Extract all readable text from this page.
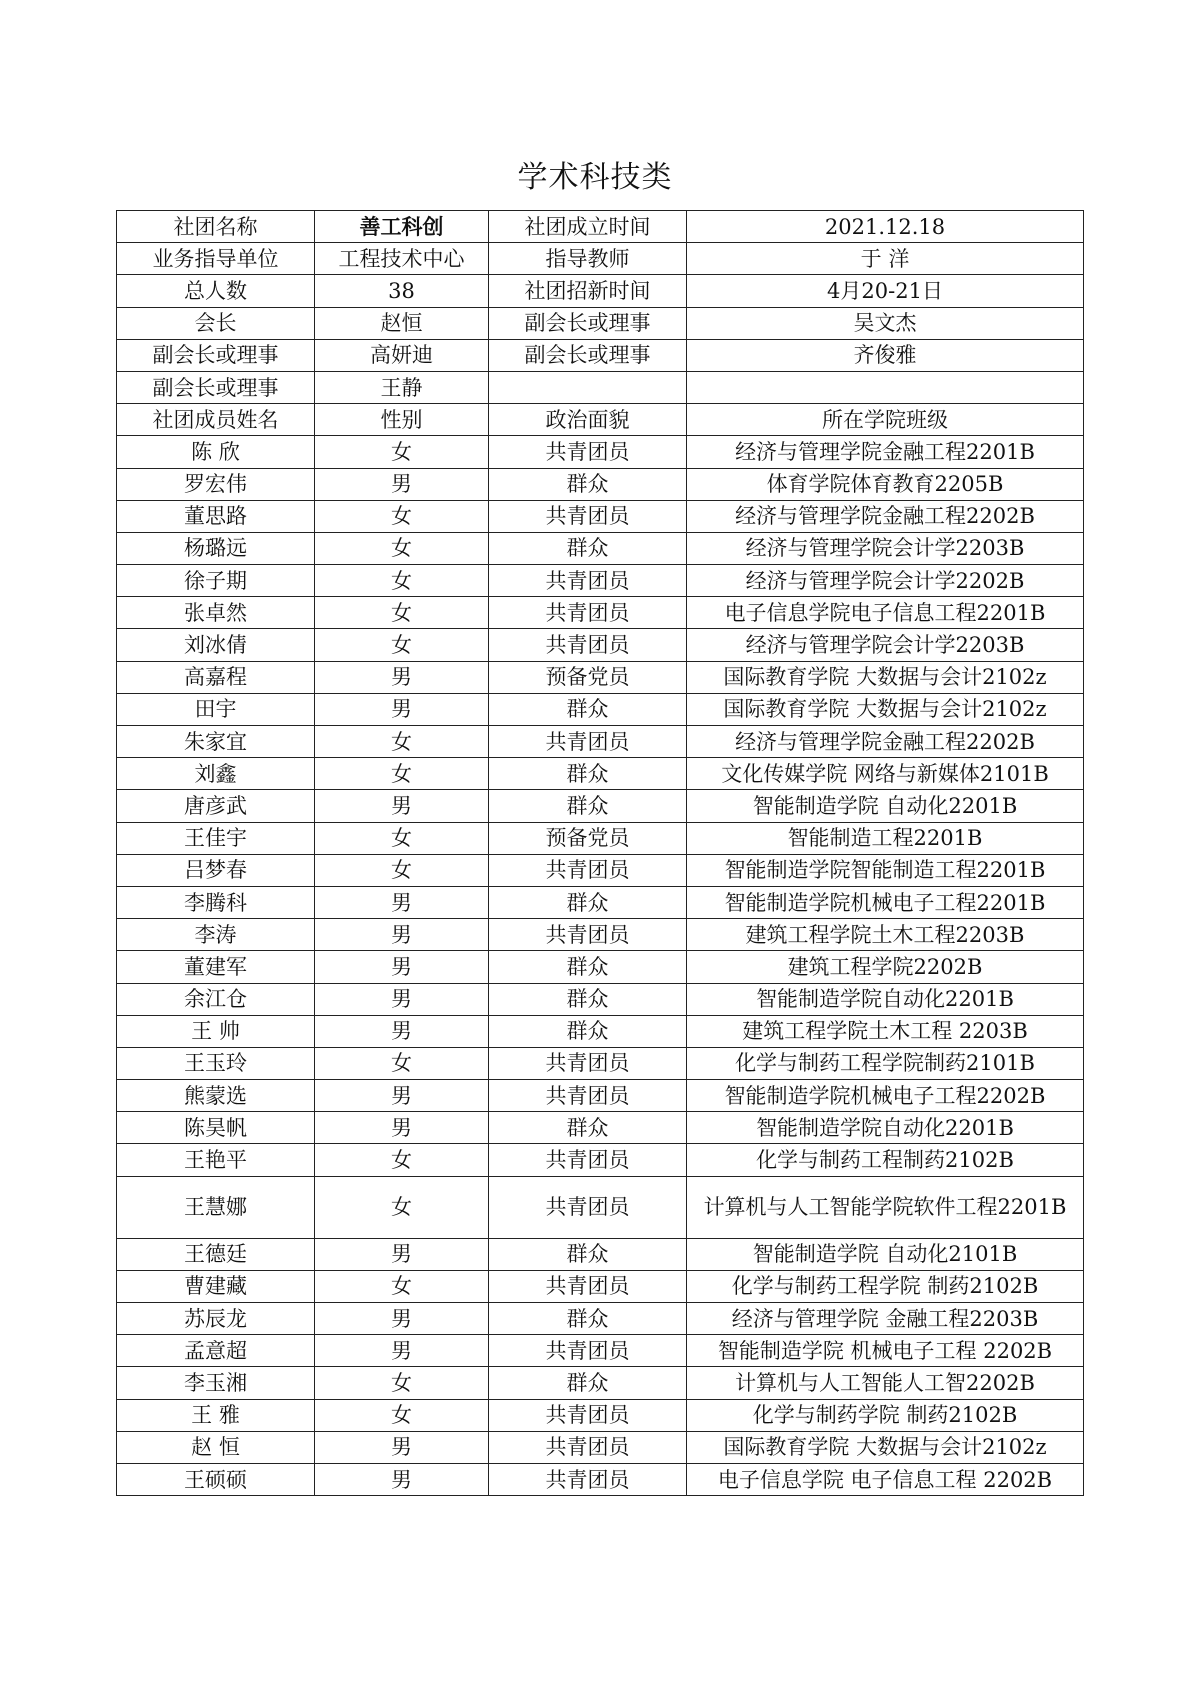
学术科技类
社团名称	善工科创	社团成立时间	2021.12.18
业务指导单位	工程技术中心	指导教师	于 洋
总人数	38	社团招新时间	4月20-21日
会长	赵恒	副会长或理事	吴文杰
副会长或理事	高妍迪	副会长或理事	齐俊雅
副会长或理事	王静		
社团成员姓名	性别	政治面貌	所在学院班级
陈 欣	女	共青团员	经济与管理学院金融工程2201B
罗宏伟	男	群众	体育学院体育教育2205B
董思路	女	共青团员	经济与管理学院金融工程2202B
杨璐远	女	群众	经济与管理学院会计学2203B
徐子期	女	共青团员	经济与管理学院会计学2202B
张卓然	女	共青团员	电子信息学院电子信息工程2201B
刘冰倩	女	共青团员	经济与管理学院会计学2203B
高嘉程	男	预备党员	国际教育学院 大数据与会计2102z
田宇	男	群众	国际教育学院 大数据与会计2102z
朱家宜	女	共青团员	经济与管理学院金融工程2202B
刘鑫	女	群众	文化传媒学院 网络与新媒体2101B
唐彦武	男	群众	智能制造学院 自动化2201B
王佳宇	女	预备党员	智能制造工程2201B
吕梦春	女	共青团员	智能制造学院智能制造工程2201B
李腾科	男	群众	智能制造学院机械电子工程2201B
李涛	男	共青团员	建筑工程学院土木工程2203B
董建军	男	群众	建筑工程学院2202B
余江仓	男	群众	智能制造学院自动化2201B
王 帅	男	群众	建筑工程学院土木工程 2203B
王玉玲	女	共青团员	化学与制药工程学院制药2101B
熊蒙选	男	共青团员	智能制造学院机械电子工程2202B
陈昊帆	男	群众	智能制造学院自动化2201B
王艳平	女	共青团员	化学与制药工程制药2102B
王慧娜	女	共青团员	计算机与人工智能学院软件工程2201B
王德廷	男	群众	智能制造学院 自动化2101B
曹建藏	女	共青团员	化学与制药工程学院 制药2102B
苏辰龙	男	群众	经济与管理学院 金融工程2203B
孟意超	男	共青团员	智能制造学院 机械电子工程 2202B
李玉湘	女	群众	计算机与人工智能人工智2202B
王 雅	女	共青团员	化学与制药学院 制药2102B
赵 恒	男	共青团员	国际教育学院 大数据与会计2102z
王硕硕	男	共青团员	电子信息学院 电子信息工程 2202B
